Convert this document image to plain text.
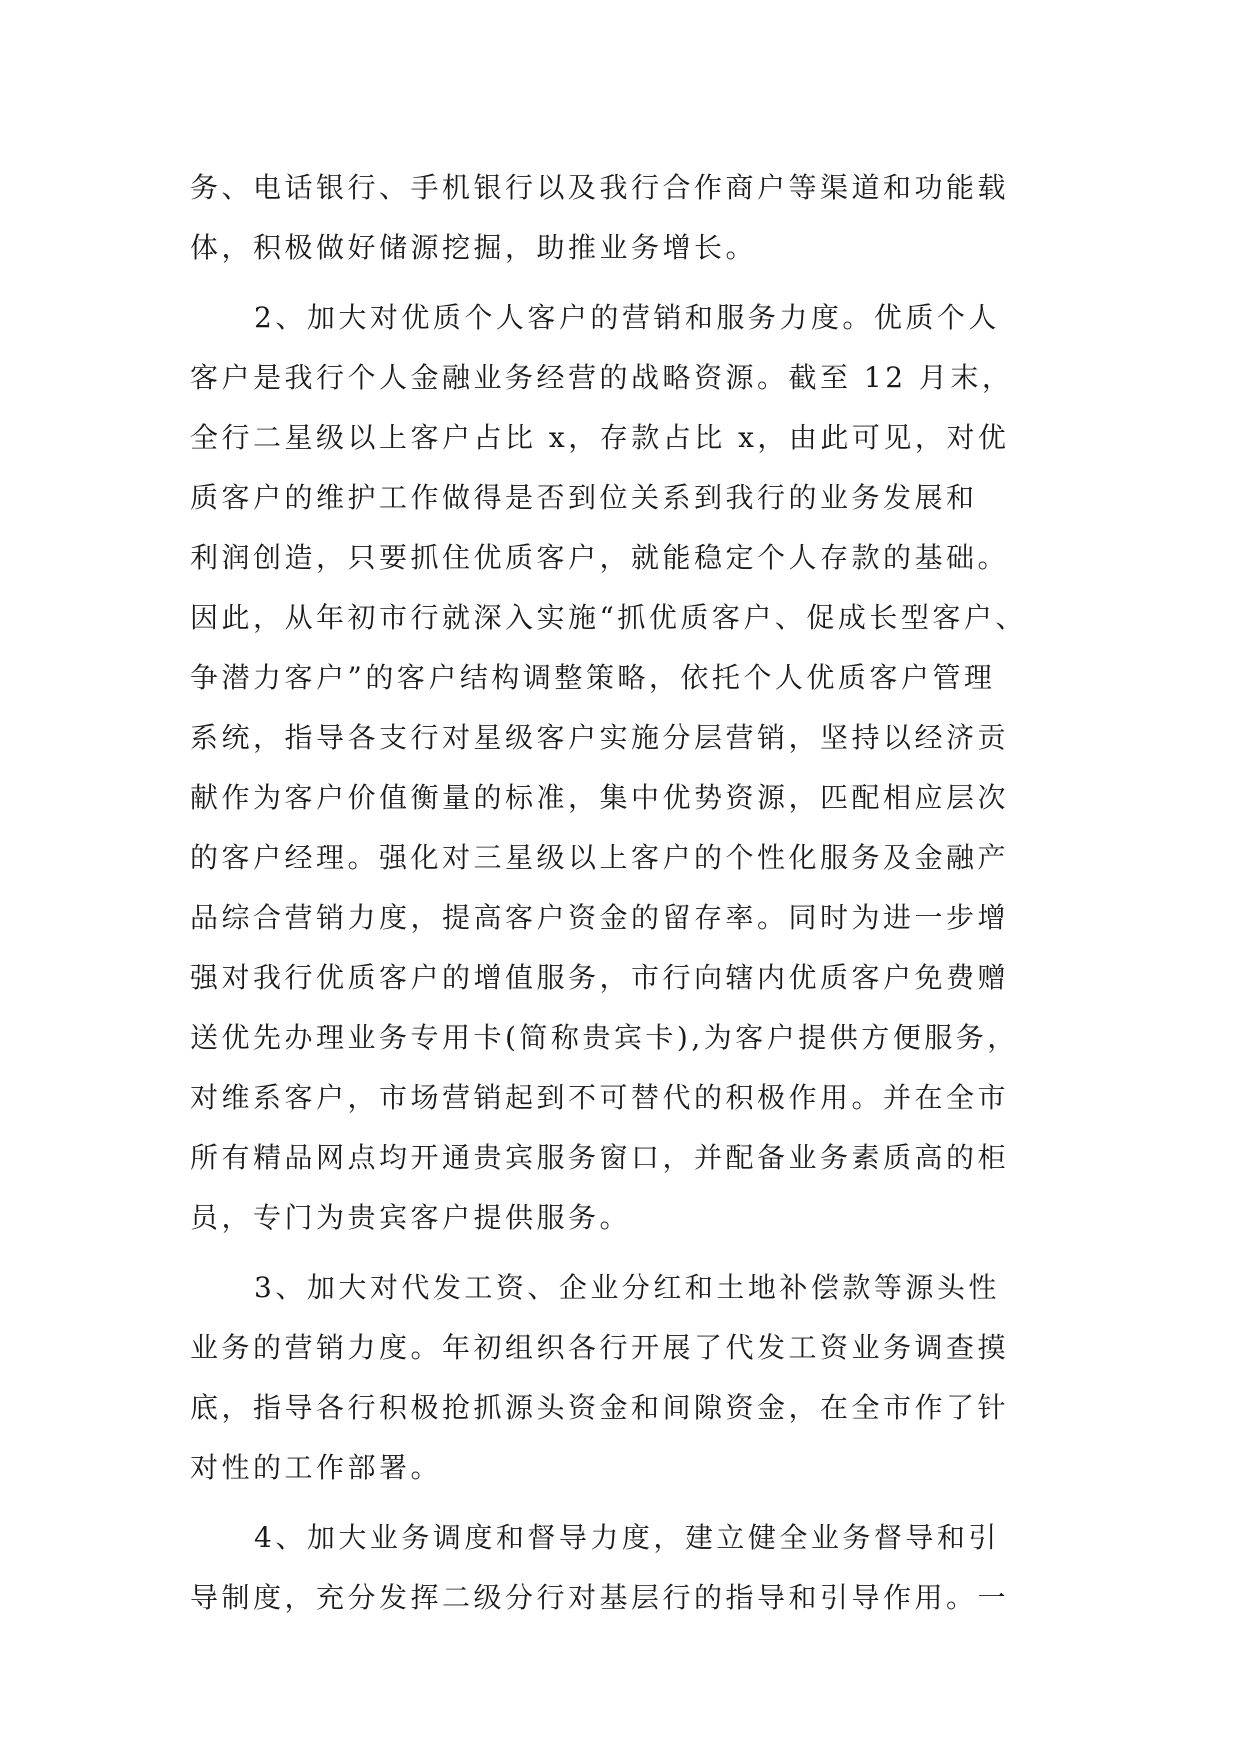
务、电话银行、手机银行以及我行合作商户等渠道和功能载
体，积极做好储源挖掘，助推业务增长。
2、加大对优质个人客户的营销和服务力度。优质个人
客户是我行个人金融业务经营的战略资源。截至 12 月末，
全行二星级以上客户占比 x，存款占比 x，由此可见，对优
质客户的维护工作做得是否到位关系到我行的业务发展和
利润创造，只要抓住优质客户，就能稳定个人存款的基础。
因此，从年初市行就深入实施“抓优质客户、促成长型客户、
争潜力客户”的客户结构调整策略，依托个人优质客户管理
系统，指导各支行对星级客户实施分层营销，坚持以经济贡
献作为客户价值衡量的标准，集中优势资源，匹配相应层次
的客户经理。强化对三星级以上客户的个性化服务及金融产
品综合营销力度，提高客户资金的留存率。同时为进一步增
强对我行优质客户的增值服务，市行向辖内优质客户免费赠
送优先办理业务专用卡(简称贵宾卡),为客户提供方便服务，
对维系客户，市场营销起到不可替代的积极作用。并在全市
所有精品网点均开通贵宾服务窗口，并配备业务素质高的柜
员，专门为贵宾客户提供服务。
3、加大对代发工资、企业分红和土地补偿款等源头性
业务的营销力度。年初组织各行开展了代发工资业务调查摸
底，指导各行积极抢抓源头资金和间隙资金，在全市作了针
对性的工作部署。
4、加大业务调度和督导力度，建立健全业务督导和引
导制度，充分发挥二级分行对基层行的指导和引导作用。一
